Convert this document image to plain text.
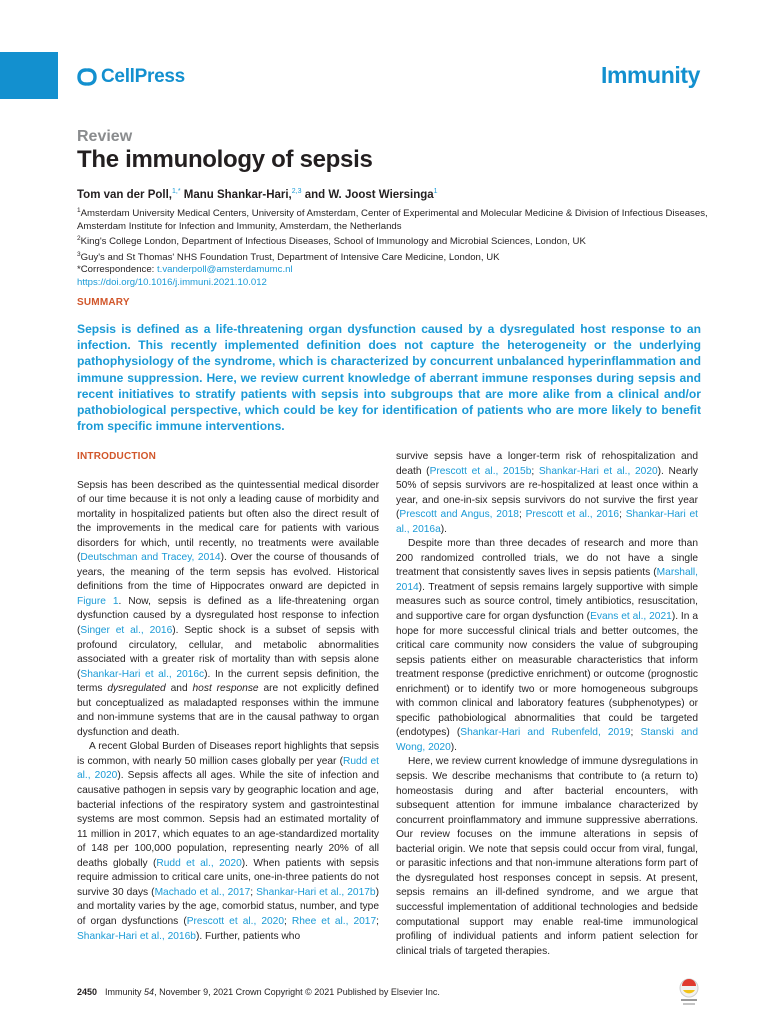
CellPress	Immunity
Review
The immunology of sepsis
Tom van der Poll,$^{1,*}$ Manu Shankar-Hari,$^{2,3}$ and W. Joost Wiersinga$^1$

$^1$Amsterdam University Medical Centers, University of Amsterdam, Center of Experimental and Molecular Medicine & Division of Infectious Diseases, Amsterdam Institute for Infection and Immunity, Amsterdam, the Netherlands

$^2$King's College London, Department of Infectious Diseases, School of Immunology and Microbial Sciences, London, UK

$^3$Guy's and St Thomas' NHS Foundation Trust, Department of Intensive Care Medicine, London, UK

*Correspondence: t.vanderpoll@amsterdamumc.nl

https://doi.org/10.1016/j.immuni.2021.10.012

SUMMARY
Sepsis is defined as a life-threatening organ dysfunction caused by a dysregulated host response to an infection. This recently implemented definition does not capture the heterogeneity or the underlying pathophysiology of the syndrome, which is characterized by concurrent unbalanced hyperinflammation and immune suppression. Here, we review current knowledge of aberrant immune responses during sepsis and recent initiatives to stratify patients with sepsis into subgroups that are more alike from a clinical and/or pathobiological perspective, which could be key for identification of patients who are more likely to benefit from specific immune interventions.

INTRODUCTION

Sepsis has been described as the quintessential medical disorder of our time because it is not only a leading cause of morbidity and mortality in hospitalized patients but often also the direct result of the improvements in the medical care for patients with various disorders for which, until recently, no treatments were available (Deutschman and Tracey, 2014). Over the course of thousands of years, the meaning of the term sepsis has evolved. Historical definitions from the time of Hippocrates onward are depicted in Figure 1. Now, sepsis is defined as a life-threatening organ dysfunction caused by a dysregulated host response to infection (Singer et al., 2016). Septic shock is a subset of sepsis with profound circulatory, cellular, and metabolic abnormalities associated with a greater risk of mortality than with sepsis alone (Shankar-Hari et al., 2016c). In the current sepsis definition, the terms dysregulated and host response are not explicitly defined but conceptualized as maladapted responses within the immune and non-immune systems that are in the causal pathway to organ dysfunction and death.

A recent Global Burden of Diseases report highlights that sepsis is common, with nearly 50 million cases globally per year (Rudd et al., 2020). Sepsis affects all ages. While the site of infection and causative pathogen in sepsis vary by geographic location and age, bacterial infections of the respiratory system and gastrointestinal systems are most common. Sepsis had an estimated mortality of 11 million in 2017, which equates to an age-standardized mortality of 148 per 100,000 population, representing nearly 20% of all deaths globally (Rudd et al., 2020). When patients with sepsis require admission to critical care units, one-in-three patients do not survive 30 days (Machado et al., 2017; Shankar-Hari et al., 2017b) and mortality varies by the age, comorbid status, number, and type of organ dysfunctions (Prescott et al., 2020; Rhee et al., 2017; Shankar-Hari et al., 2016b). Further, patients who

survive sepsis have a longer-term risk of rehospitalization and death (Prescott et al., 2015b; Shankar-Hari et al., 2020). Nearly 50% of sepsis survivors are re-hospitalized at least once within a year, and one-in-six sepsis survivors do not survive the first year (Prescott and Angus, 2018; Prescott et al., 2016; Shankar-Hari et al., 2016a).

Despite more than three decades of research and more than 200 randomized controlled trials, we do not have a single treatment that consistently saves lives in sepsis patients (Marshall, 2014). Treatment of sepsis remains largely supportive with simple measures such as source control, timely antibiotics, resuscitation, and supportive care for organ dysfunction (Evans et al., 2021). In a hope for more successful clinical trials and better outcomes, the critical care community now considers the value of subgrouping sepsis patients either on measurable characteristics that inform treatment response (predictive enrichment) or outcome (prognostic enrichment) or to identify two or more homogeneous subgroups with common clinical and laboratory features (subphenotypes) or specific pathobiological abnormalities that could be targeted (endotypes) (Shankar-Hari and Rubenfeld, 2019; Stanski and Wong, 2020).

Here, we review current knowledge of immune dysregulations in sepsis. We describe mechanisms that contribute to (a return to) homeostasis during and after bacterial encounters, with subsequent attention for immune imbalance characterized by concurrent proinflammatory and immune suppressive aberrations. Our review focuses on the immune alterations in sepsis of bacterial origin. We note that sepsis could occur from viral, fungal, or parasitic infections and that non-immune alterations form part of the dysregulated host responses concept in sepsis. At present, sepsis remains an ill-defined syndrome, and we argue that successful implementation of additional technologies and bedside computational support may enable real-time immunological profiling of individual patients and inform patient selection for clinical trials of targeted therapies.

2450 Immunity 54, November 9, 2021 Crown Copyright © 2021 Published by Elsevier Inc.
